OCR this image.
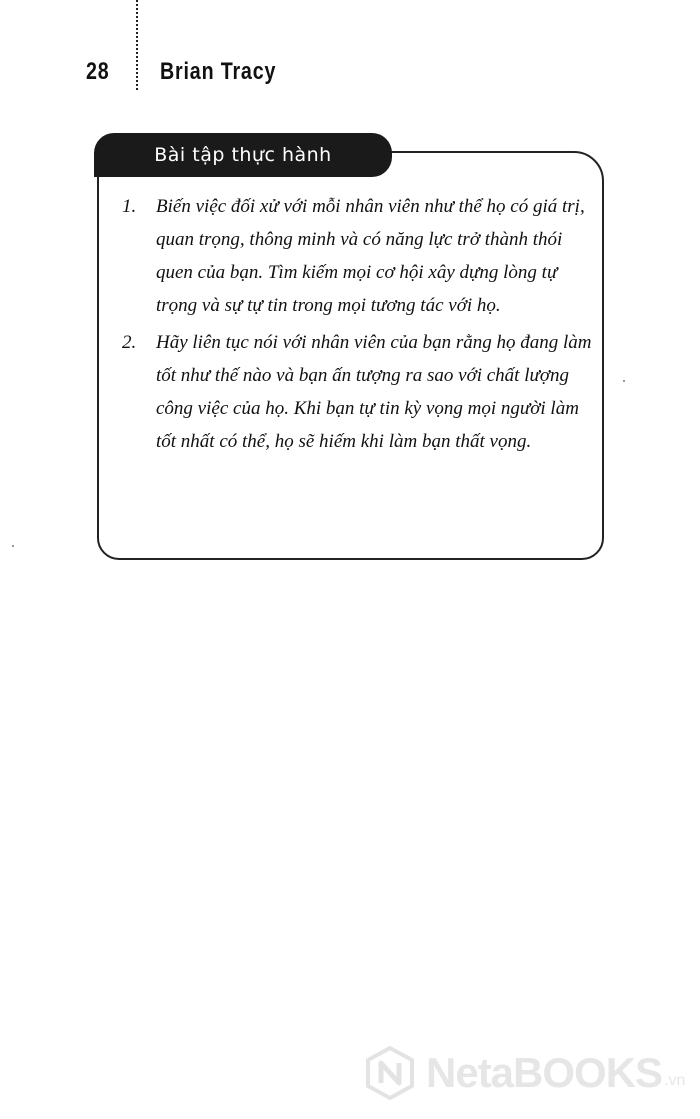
28 Brian Tracy
Bài tập thực hành
1. Biến việc đối xử với mỗi nhân viên như thể họ có giá trị, quan trọng, thông minh và có năng lực trở thành thói quen của bạn. Tìm kiếm mọi cơ hội xây dựng lòng tự trọng và sự tự tin trong mọi tương tác với họ.
2. Hãy liên tục nói với nhân viên của bạn rằng họ đang làm tốt như thế nào và bạn ấn tượng ra sao với chất lượng công việc của họ. Khi bạn tự tin kỳ vọng mọi người làm tốt nhất có thể, họ sẽ hiếm khi làm bạn thất vọng.
NetaBOOKS .vn
